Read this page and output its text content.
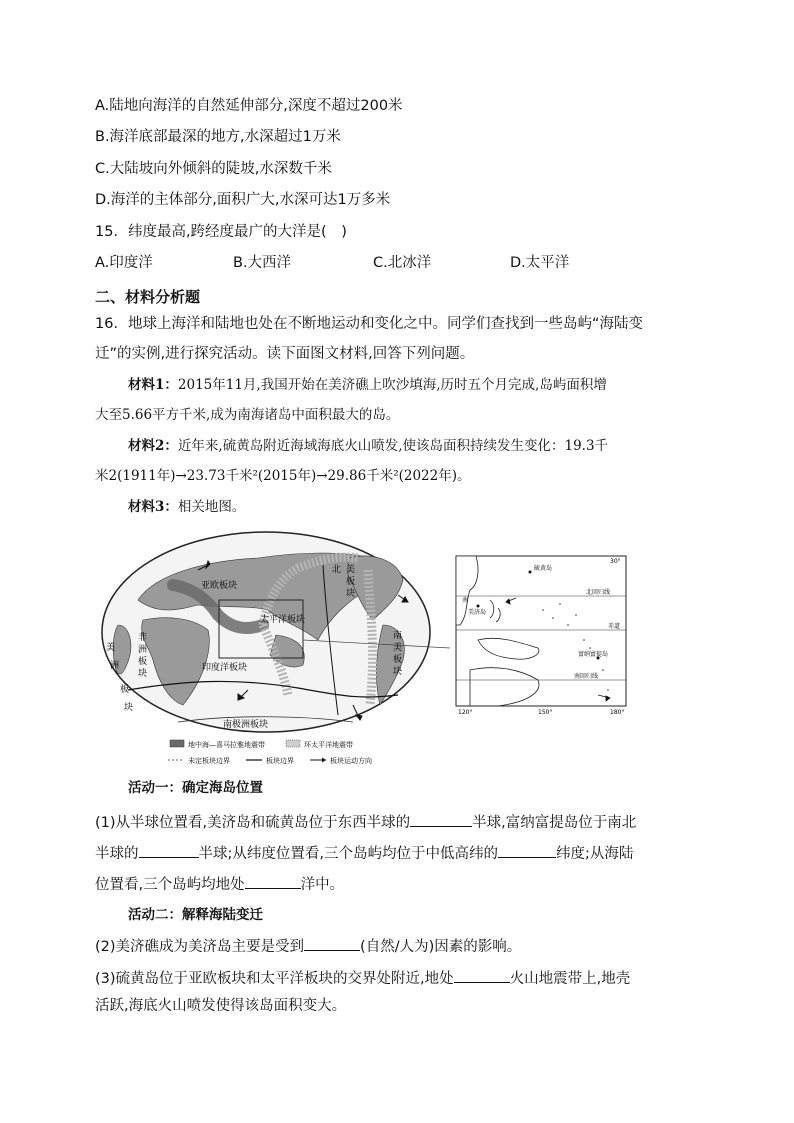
A.陆地向海洋的自然延伸部分,深度不超过200米
B.海洋底部最深的地方,水深超过1万米
C.大陆坡向外倾斜的陡坡,水深数千米
D.海洋的主体部分,面积广大,水深可达1万多米
15．纬度最高,跨经度最广的大洋是(　)
A.印度洋	B.大西洋	C.北冰洋	D.太平洋
二、材料分析题
16．地球上海洋和陆地也处在不断地运动和变化之中。同学们查找到一些岛屿“海陆变
迁”的实例,进行探究活动。读下面图文材料,回答下列问题。
材料1：2015年11月,我国开始在美济礁上吹沙填海,历时五个月完成,岛屿面积增
大至5.66平方千米,成为南海诸岛中面积最大的岛。
材料2：近年来,硫黄岛附近海域海底火山喷发,使该岛面积持续发生变化：19.3千
米2(1911年)→23.73千米²(2015年)→29.86千米²(2022年)。
材料3：相关地图。
亚欧板块
太平洋板块
印度洋板块
南极洲板块
非
洲
板
块
北 美
板
块
南
美
板
块
美
洲
板
块
地中海—喜马拉雅地震带	环太平洋地震带
未定板块边界	板块边界	板块运动方向
硫黄岛
北回归线
赤道
富纳富提岛
美济岛
南回归线
南
30°
120°	150°	180°
活动一：确定海岛位置
(1)从半球位置看,美济岛和硫黄岛位于东西半球的	半球,富纳富提岛位于南北
半球的	半球;从纬度位置看,三个岛屿均位于中低高纬的	纬度;从海陆
位置看,三个岛屿均地处	洋中。
活动二：解释海陆变迁
(2)美济礁成为美济岛主要是受到	(自然/人为)因素的影响。
(3)硫黄岛位于亚欧板块和太平洋板块的交界处附近,地处	火山地震带上,地壳
活跃,海底火山喷发使得该岛面积变大。
